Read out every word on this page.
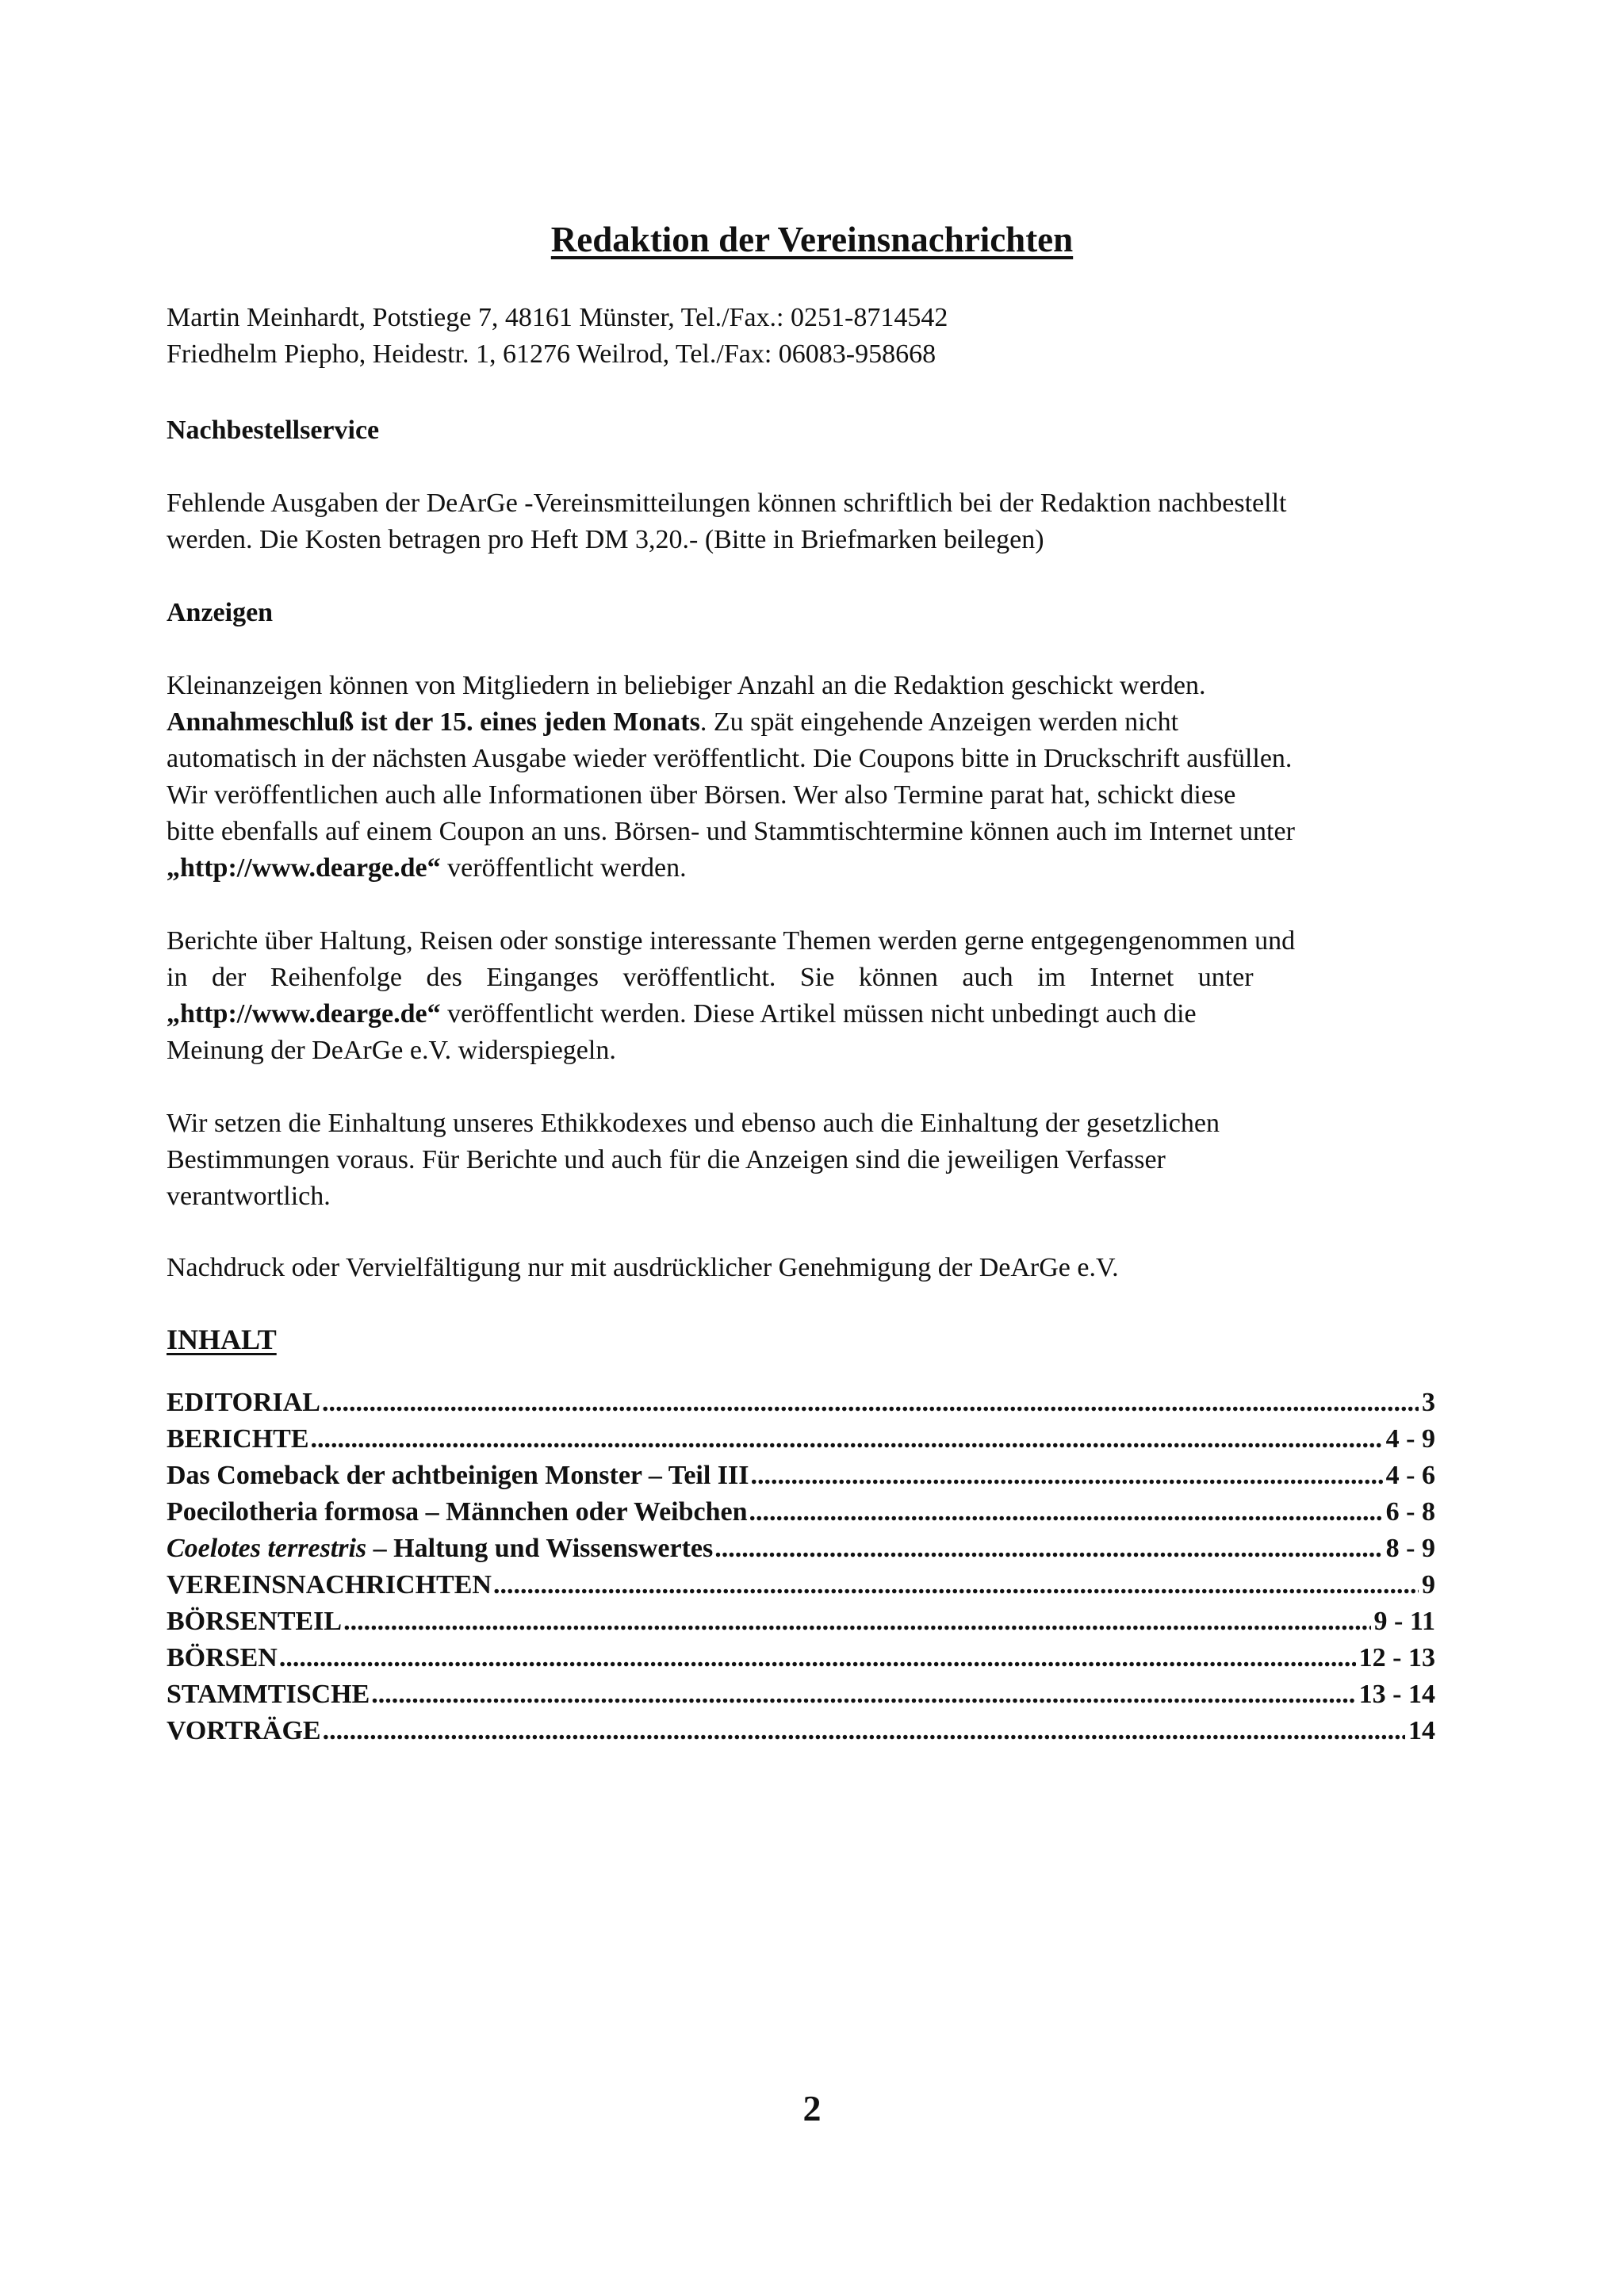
Redaktion der Vereinsnachrichten
Martin Meinhardt, Potstiege 7, 48161 Münster, Tel./Fax.: 0251-8714542
Friedhelm Piepho, Heidestr. 1, 61276 Weilrod, Tel./Fax: 06083-958668
Nachbestellservice
Fehlende Ausgaben der DeArGe -Vereinsmitteilungen können schriftlich bei der Redaktion nachbestellt
werden. Die Kosten betragen pro Heft DM 3,20.- (Bitte in Briefmarken beilegen)
Anzeigen
Kleinanzeigen können von Mitgliedern in beliebiger Anzahl an die Redaktion geschickt werden.
Annahmeschluß ist der 15. eines jeden Monats. Zu spät eingehende Anzeigen werden nicht
automatisch in der nächsten Ausgabe wieder veröffentlicht. Die Coupons bitte in Druckschrift ausfüllen.
Wir veröffentlichen auch alle Informationen über Börsen. Wer also Termine parat hat, schickt diese
bitte ebenfalls auf einem Coupon an uns. Börsen- und Stammtischtermine können auch im Internet unter
„http://www.dearge.de“ veröffentlicht werden.
Berichte über Haltung, Reisen oder sonstige interessante Themen werden gerne entgegengenommen und
in der Reihenfolge des Einganges veröffentlicht. Sie können auch im Internet unter
„http://www.dearge.de“ veröffentlicht werden. Diese Artikel müssen nicht unbedingt auch die
Meinung der DeArGe e.V. widerspiegeln.
Wir setzen die Einhaltung unseres Ethikkodexes und ebenso auch die Einhaltung der gesetzlichen
Bestimmungen voraus. Für Berichte und auch für die Anzeigen sind die jeweiligen Verfasser
verantwortlich.
Nachdruck oder Vervielfältigung nur mit ausdrücklicher Genehmigung der DeArGe e.V.
INHALT
EDITORIAL .....	3
BERICHTE .....	4 - 9
Das Comeback der achtbeinigen Monster – Teil III .....	4 - 6
Poecilotheria formosa – Männchen oder Weibchen .....	6 - 8
Coelotes terrestris – Haltung und Wissenswertes .....	8 - 9
VEREINSNACHRICHTEN .....	9
BÖRSENTEIL .....	9 - 11
BÖRSEN .....	12 - 13
STAMMTISCHE .....	13 - 14
VORTRÄGE .....	14
2
